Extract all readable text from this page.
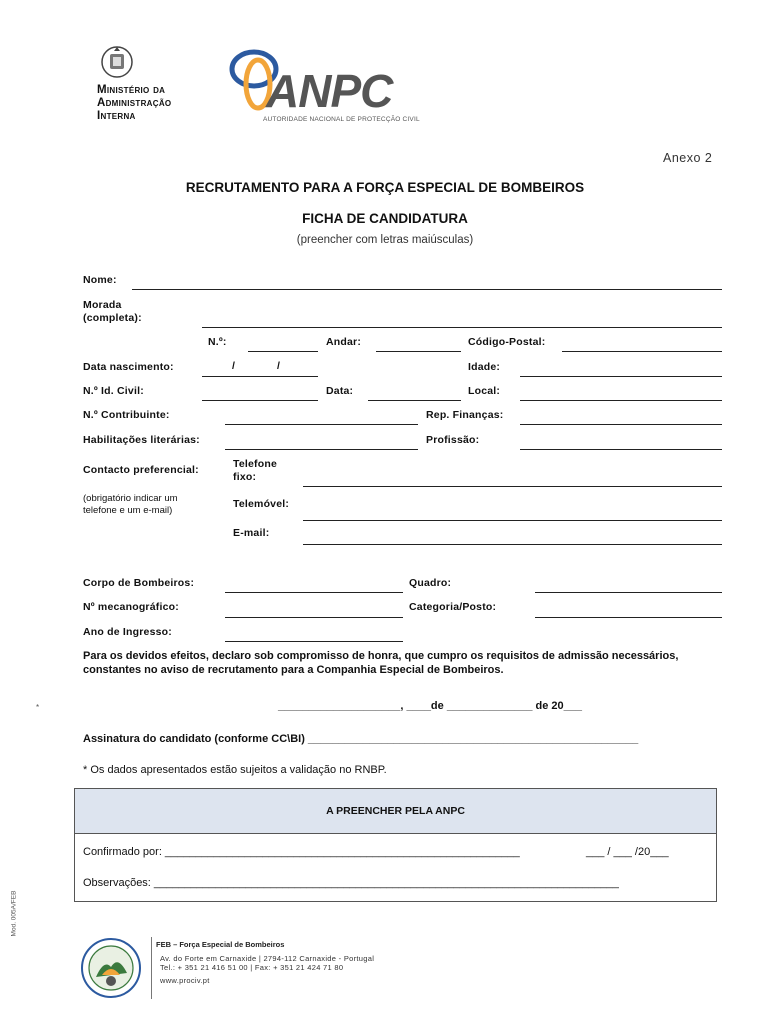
Ministério da
Administração
Interna	ANPC
AUTORIDADE NACIONAL DE PROTECÇÃO CIVIL
Anexo 2
RECRUTAMENTO PARA A FORÇA ESPECIAL DE BOMBEIROS
FICHA DE CANDIDATURA
(preencher com letras maiúsculas)
Nome:
Morada
(completa):
N.º:	Andar:	Código-Postal:
Data nascimento:	/	/	Idade:
N.º Id. Civil:	Data:	Local:
N.º Contribuinte:	Rep. Finanças:
Habilitações literárias:	Profissão:
Contacto preferencial:
(obrigatório indicar um
telefone e um e-mail)
Telefone
fixo:
Telemóvel:
E-mail:
Corpo de Bombeiros:	Quadro:
Nº mecanográfico:	Categoria/Posto:
Ano de Ingresso:
Para os devidos efeitos, declaro sob compromisso de honra, que cumpro os requisitos de admissão necessários,
constantes no aviso de recrutamento para a Companhia Especial de Bombeiros.
*	____________________, ____de ______________ de 20___
Assinatura do candidato (conforme CC\BI) ______________________________________________________
* Os dados apresentados estão sujeitos a validação no RNBP.
A PREENCHER PELA ANPC
Confirmado por: __________________________________________________________	___ / ___ /20___
Observações: ____________________________________________________________________________
Mod. 005A/FEB
FEB – Força Especial de Bombeiros
Av. do Forte em Carnaxide | 2794-112 Carnaxide - Portugal
Tel.: + 351 21 416 51 00 | Fax: + 351 21 424 71 80
www.prociv.pt
